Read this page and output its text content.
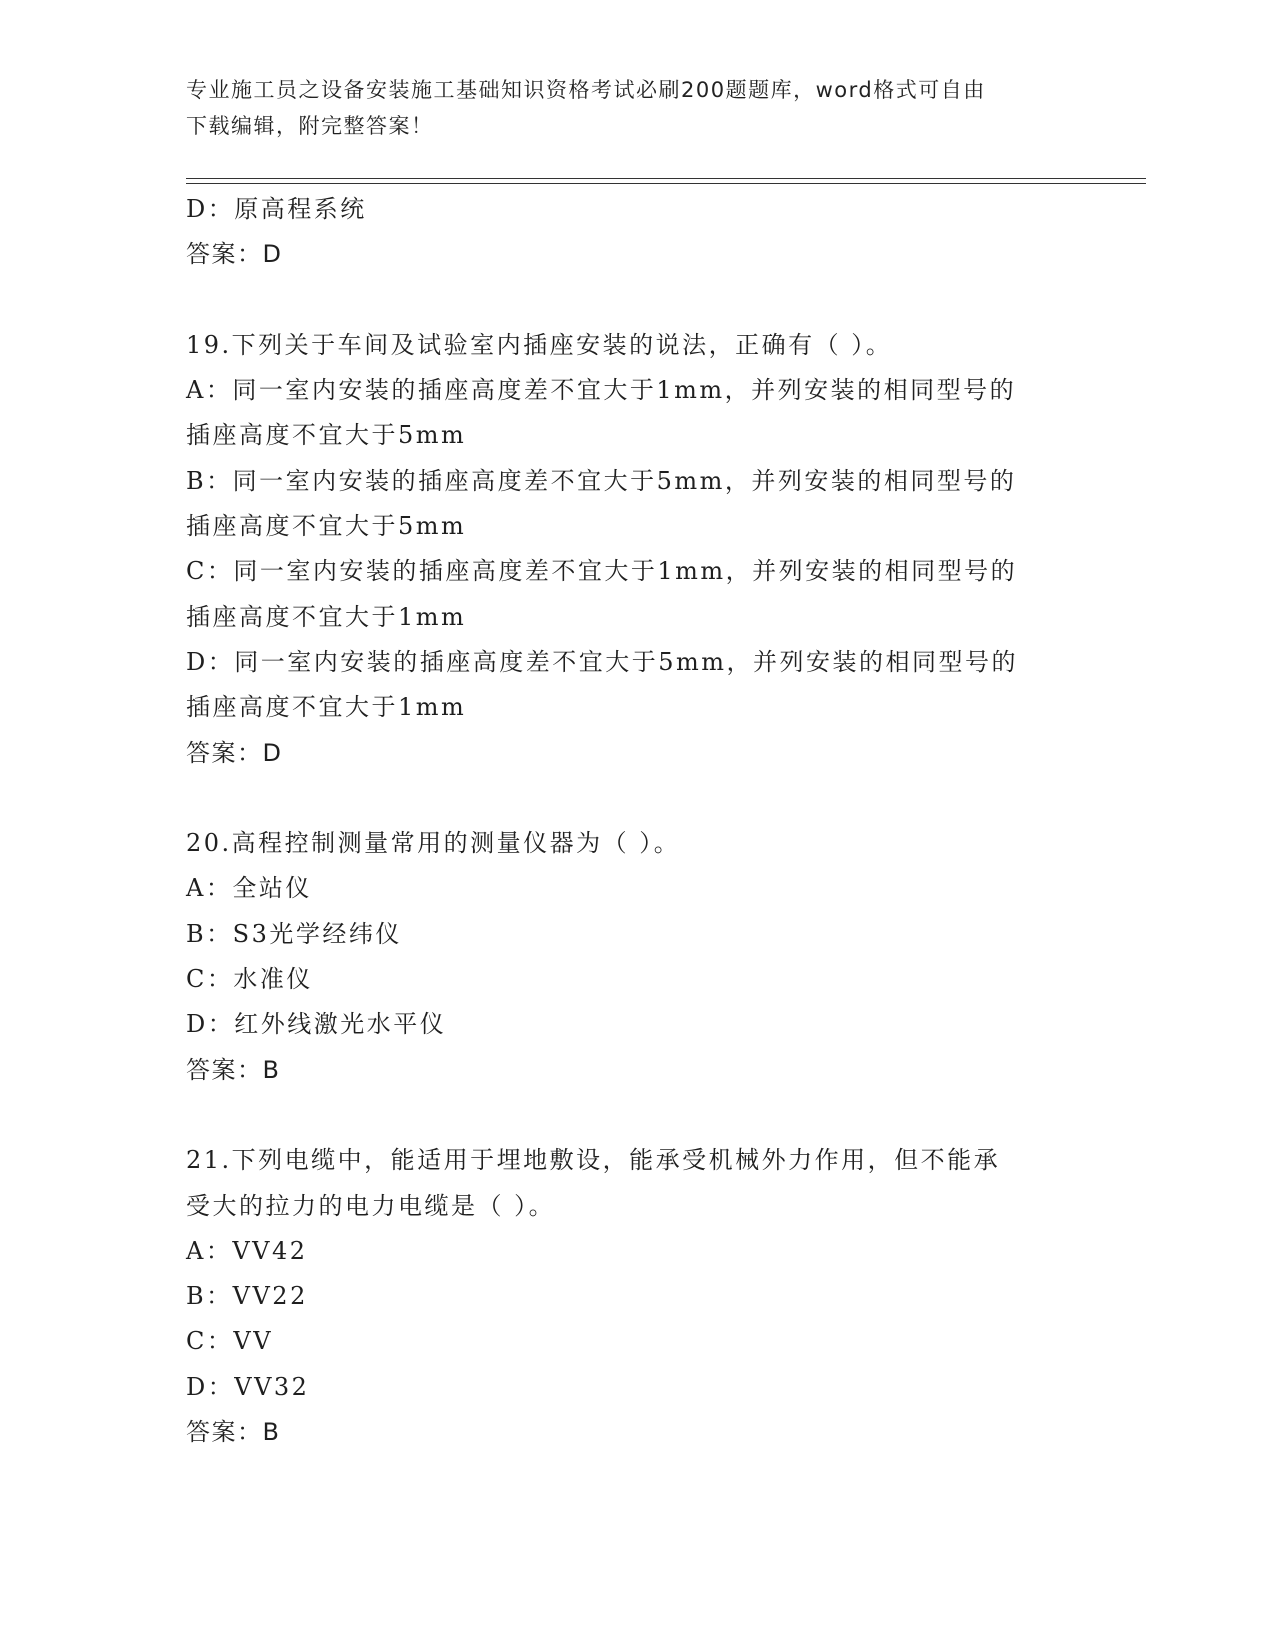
专业施工员之设备安装施工基础知识资格考试必刷200题题库，word格式可自由
下载编辑，附完整答案！
D：原高程系统
答案：D
19.下列关于车间及试验室内插座安装的说法，正确有（ ）。
A：同一室内安装的插座高度差不宜大于1mm，并列安装的相同型号的
插座高度不宜大于5mm
B：同一室内安装的插座高度差不宜大于5mm，并列安装的相同型号的
插座高度不宜大于5mm
C：同一室内安装的插座高度差不宜大于1mm，并列安装的相同型号的
插座高度不宜大于1mm
D：同一室内安装的插座高度差不宜大于5mm，并列安装的相同型号的
插座高度不宜大于1mm
答案：D
20.高程控制测量常用的测量仪器为（ ）。
A：全站仪
B：S3光学经纬仪
C：水准仪
D：红外线激光水平仪
答案：B
21.下列电缆中，能适用于埋地敷设，能承受机械外力作用，但不能承
受大的拉力的电力电缆是（ ）。
A：VV42
B：VV22
C：VV
D：VV32
答案：B
